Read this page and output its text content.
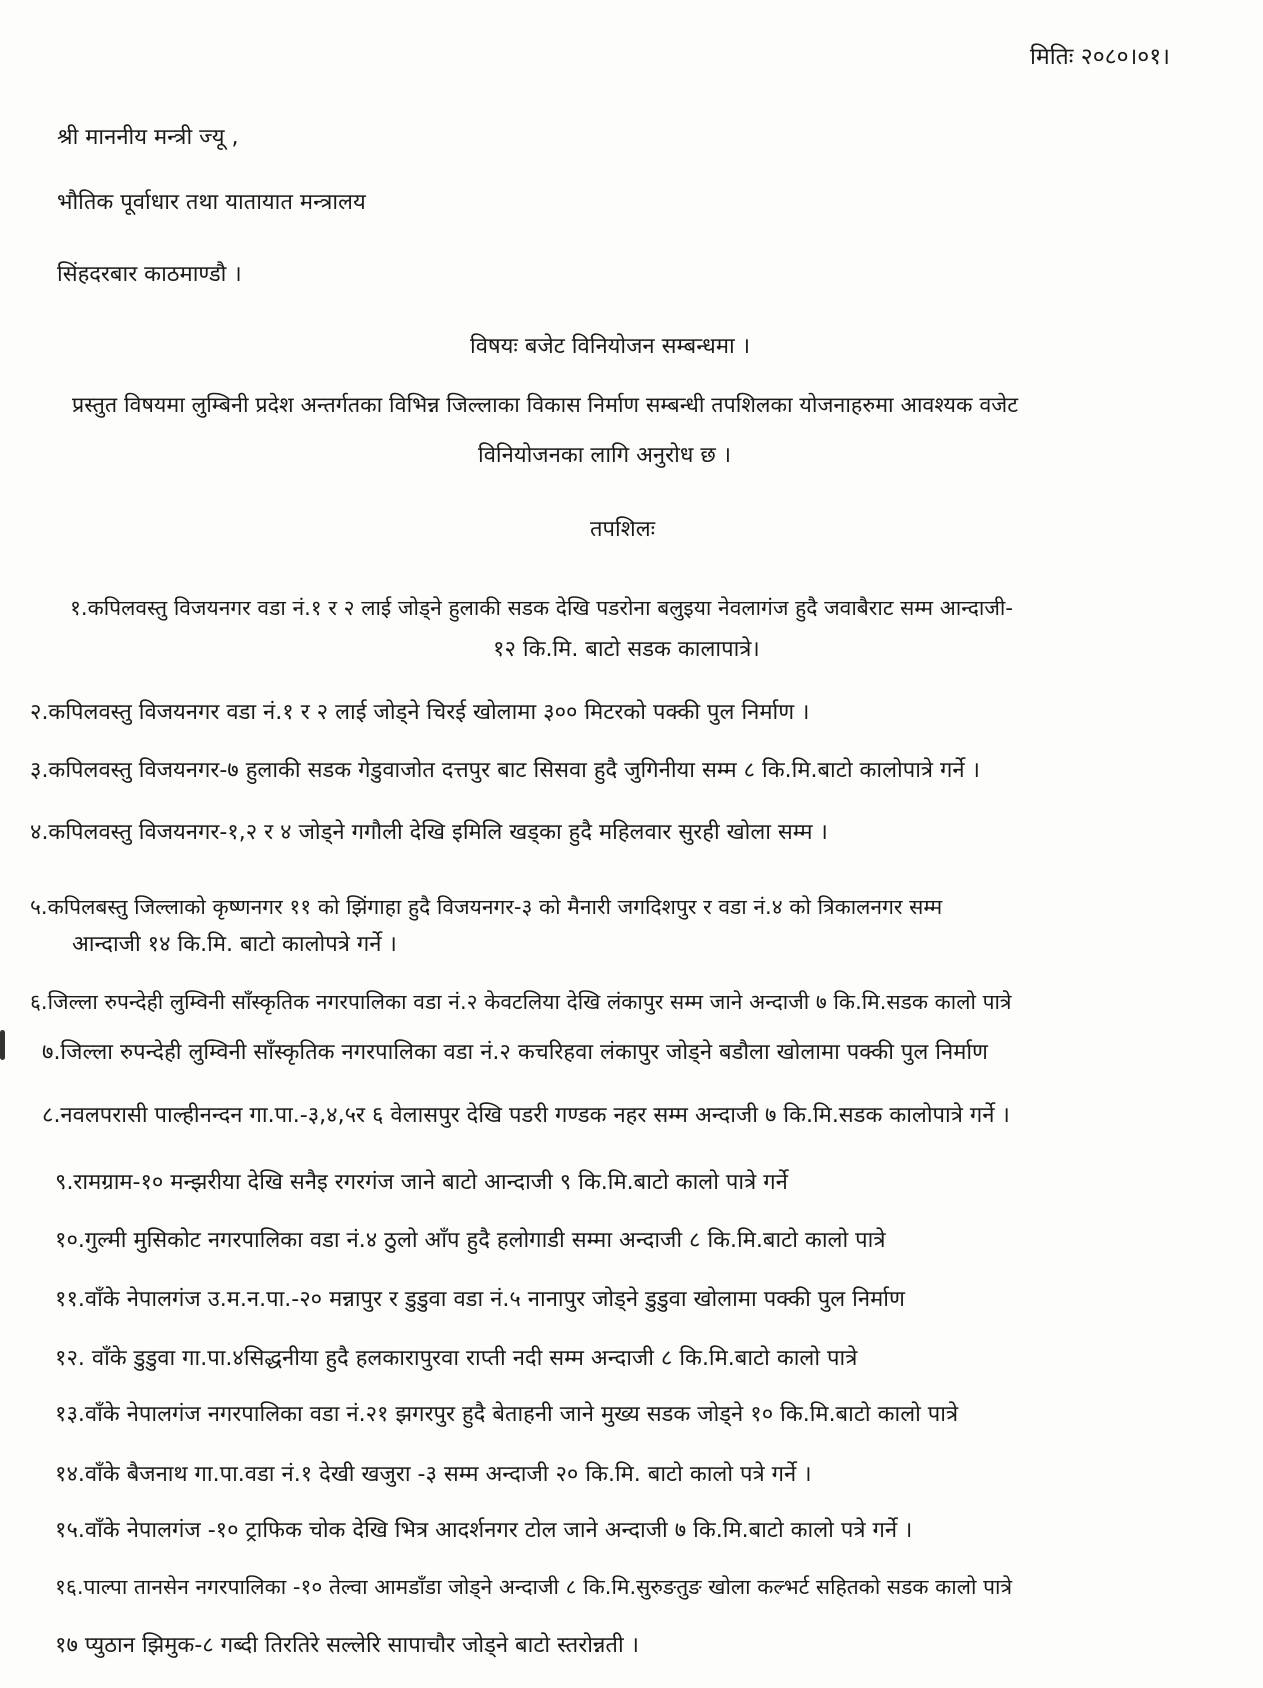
मितिः २०८०।०१।
श्री माननीय मन्त्री ज्यू ,
भौतिक पूर्वाधार तथा यातायात मन्त्रालय
सिंहदरबार काठमाण्डौ ।
विषयः बजेट विनियोजन सम्बन्धमा ।
प्रस्तुत विषयमा लुम्बिनी प्रदेश अन्तर्गतका विभिन्न जिल्लाका विकास निर्माण सम्बन्धी तपशिलका योजनाहरुमा आवश्यक वजेट
विनियोजनका लागि अनुरोध छ ।
तपशिलः
१.कपिलवस्तु विजयनगर वडा नं.१ र २ लाई जोड्ने हुलाकी सडक देखि पडरोना बलुइया नेवलागंज हुदै जवाबैराट सम्म आन्दाजी-
१२ कि.मि. बाटो सडक कालापात्रे।
२.कपिलवस्तु विजयनगर वडा नं.१ र २ लाई जोड्ने चिरई खोलामा ३०० मिटरको पक्की पुल निर्माण ।
३.कपिलवस्तु विजयनगर-७ हुलाकी सडक गेडुवाजोत दत्तपुर बाट सिसवा हुदै जुगिनीया सम्म ८ कि.मि.बाटो कालोपात्रे गर्ने ।
४.कपिलवस्तु विजयनगर-१,२ र ४ जोड्ने गगौली देखि इमिलि खड्का हुदै महिलवार सुरही खोला सम्म ।
५.कपिलबस्तु जिल्लाको कृष्णनगर ११ को झिंगाहा हुदै विजयनगर-३ को मैनारी जगदिशपुर र वडा नं.४ को त्रिकालनगर सम्म
आन्दाजी १४ कि.मि. बाटो कालोपत्रे गर्ने ।
६.जिल्ला रुपन्देही लुम्विनी साँस्कृतिक नगरपालिका वडा नं.२ केवटलिया देखि लंकापुर सम्म जाने अन्दाजी ७ कि.मि.सडक कालो पात्रे
७.जिल्ला रुपन्देही लुम्विनी साँस्कृतिक नगरपालिका वडा नं.२ कचरिहवा लंकापुर जोड्ने बडौला खोलामा पक्की पुल निर्माण
८.नवलपरासी पाल्हीनन्दन गा.पा.-३,४,५र ६ वेलासपुर देखि पडरी गण्डक नहर सम्म अन्दाजी ७ कि.मि.सडक कालोपात्रे गर्ने ।
९.रामग्राम-१० मन्झरीया देखि सनैइ रगरगंज जाने बाटो आन्दाजी ९ कि.मि.बाटो कालो पात्रे गर्ने
१०.गुल्मी मुसिकोट नगरपालिका वडा नं.४ ठुलो आँप हुदै हलोगाडी सम्मा अन्दाजी ८ कि.मि.बाटो कालो पात्रे
११.वाँके नेपालगंज उ.म.न.पा.-२० मन्नापुर र डुडुवा वडा नं.५ नानापुर जोड्ने डुडुवा खोलामा पक्की पुल निर्माण
१२. वाँके डुडुवा गा.पा.४सिद्धनीया हुदै हलकारापुरवा राप्ती नदी सम्म अन्दाजी ८ कि.मि.बाटो कालो पात्रे
१३.वाँके नेपालगंज नगरपालिका वडा नं.२१ झगरपुर हुदै बेताहनी जाने मुख्य सडक जोड्ने १० कि.मि.बाटो कालो पात्रे
१४.वाँके बैजनाथ गा.पा.वडा नं.१ देखी खजुरा -३ सम्म अन्दाजी २० कि.मि. बाटो कालो पत्रे गर्ने ।
१५.वाँके नेपालगंज -१० ट्राफिक चोक देखि भित्र आदर्शनगर टोल जाने अन्दाजी ७ कि.मि.बाटो कालो पत्रे गर्ने ।
१६.पाल्पा तानसेन नगरपालिका -१० तेल्वा आमडाँडा जोड्ने अन्दाजी ८ कि.मि.सुरुङतुङ खोला कल्भर्ट सहितको सडक कालो पात्रे
१७ प्युठान झिमुक-८ गब्दी तिरतिरे सल्लेरि सापाचौर जोड्ने बाटो स्तरोन्नती ।
